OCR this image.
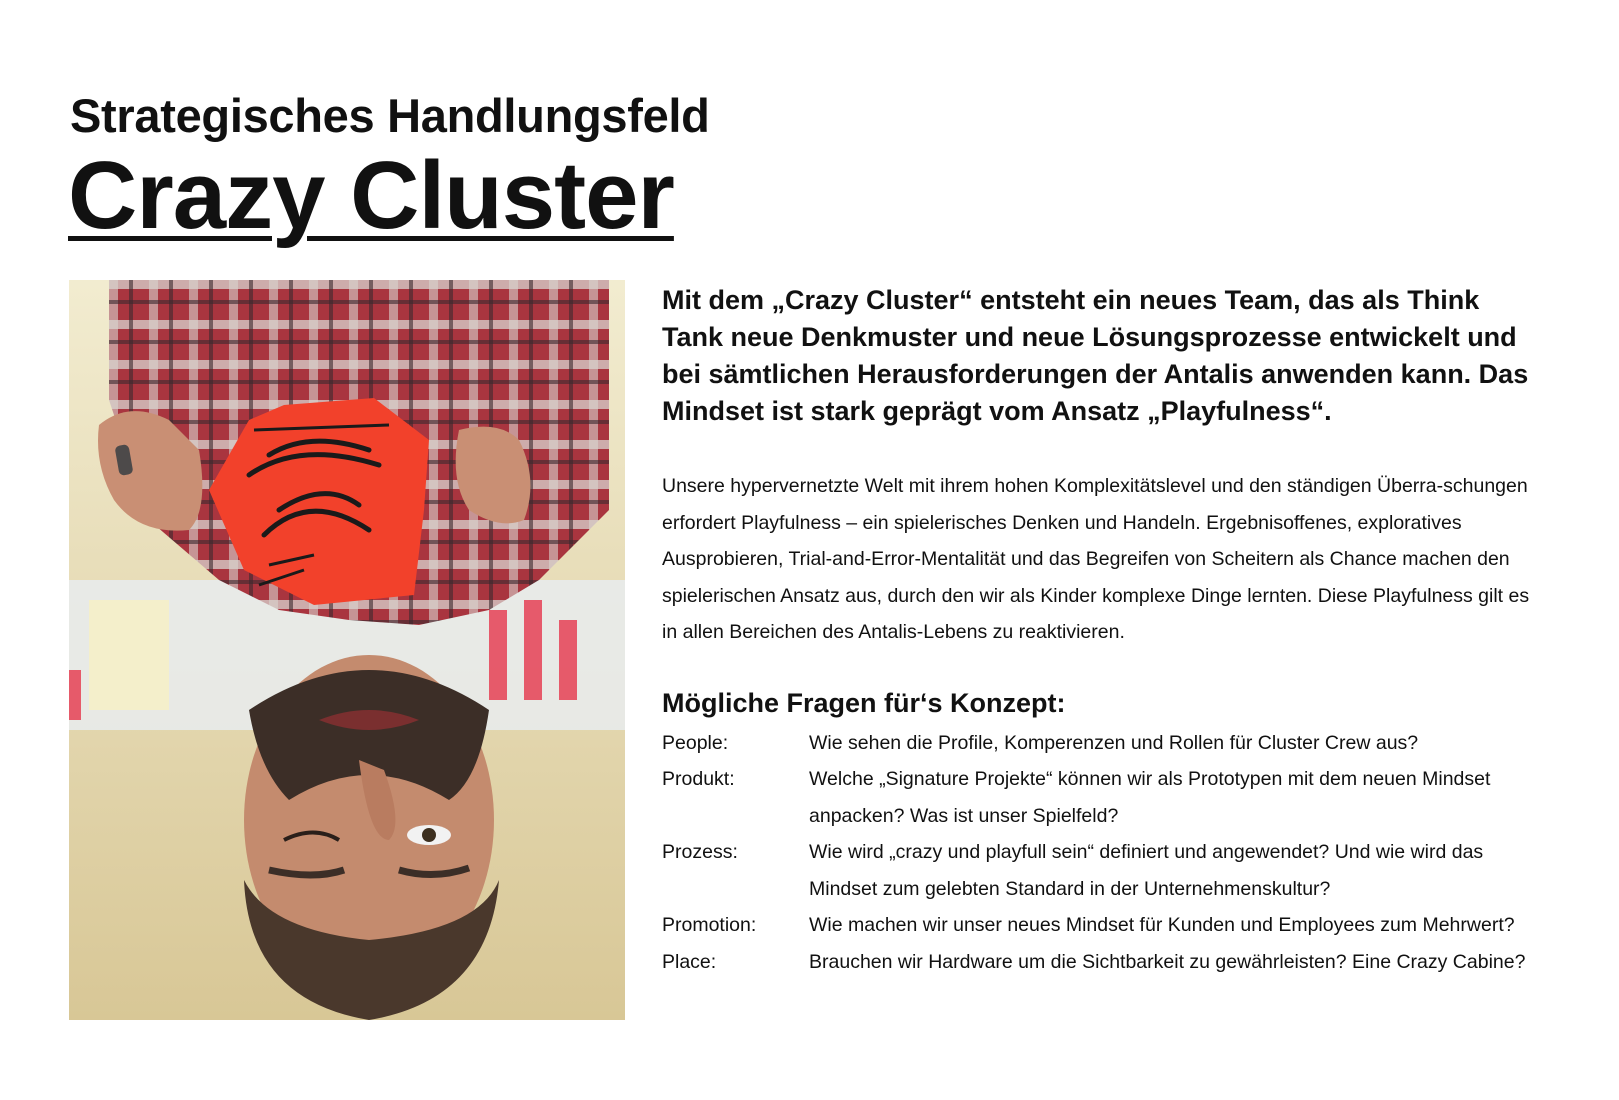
Strategisches Handlungsfeld
Crazy Cluster

Mit dem „Crazy Cluster“ entsteht ein neues Team, das als Think Tank neue Denkmuster und neue Lösungsprozesse entwickelt und bei sämtlichen Herausforderungen der Antalis anwenden kann. Das Mindset ist stark geprägt vom Ansatz „Playfulness“.

Unsere hypervernetzte Welt mit ihrem hohen Komplexitätslevel und den ständigen Überra-schungen erfordert Playfulness – ein spielerisches Denken und Handeln. Ergebnisoffenes, exploratives Ausprobieren, Trial-and-Error-Mentalität und das Begreifen von Scheitern als Chance machen den spielerischen Ansatz aus, durch den wir als Kinder komplexe Dinge lernten. Diese Playfulness gilt es in allen Bereichen des Antalis-Lebens zu reaktivieren.

Mögliche Fragen für‘s Konzept:
People:	Wie sehen die Profile, Komperenzen und Rollen für Cluster Crew aus?
Produkt:	Welche „Signature Projekte“ können wir als Prototypen mit dem neuen Mindset anpacken? Was ist unser Spielfeld?
Prozess:	Wie wird „crazy und playfull sein“ definiert und angewendet? Und wie wird das Mindset zum gelebten Standard in der Unternehmenskultur?
Promotion:	Wie machen wir unser neues Mindset für Kunden und Employees zum Mehrwert?
Place:	Brauchen wir Hardware um die Sichtbarkeit zu gewährleisten? Eine Crazy Cabine?
